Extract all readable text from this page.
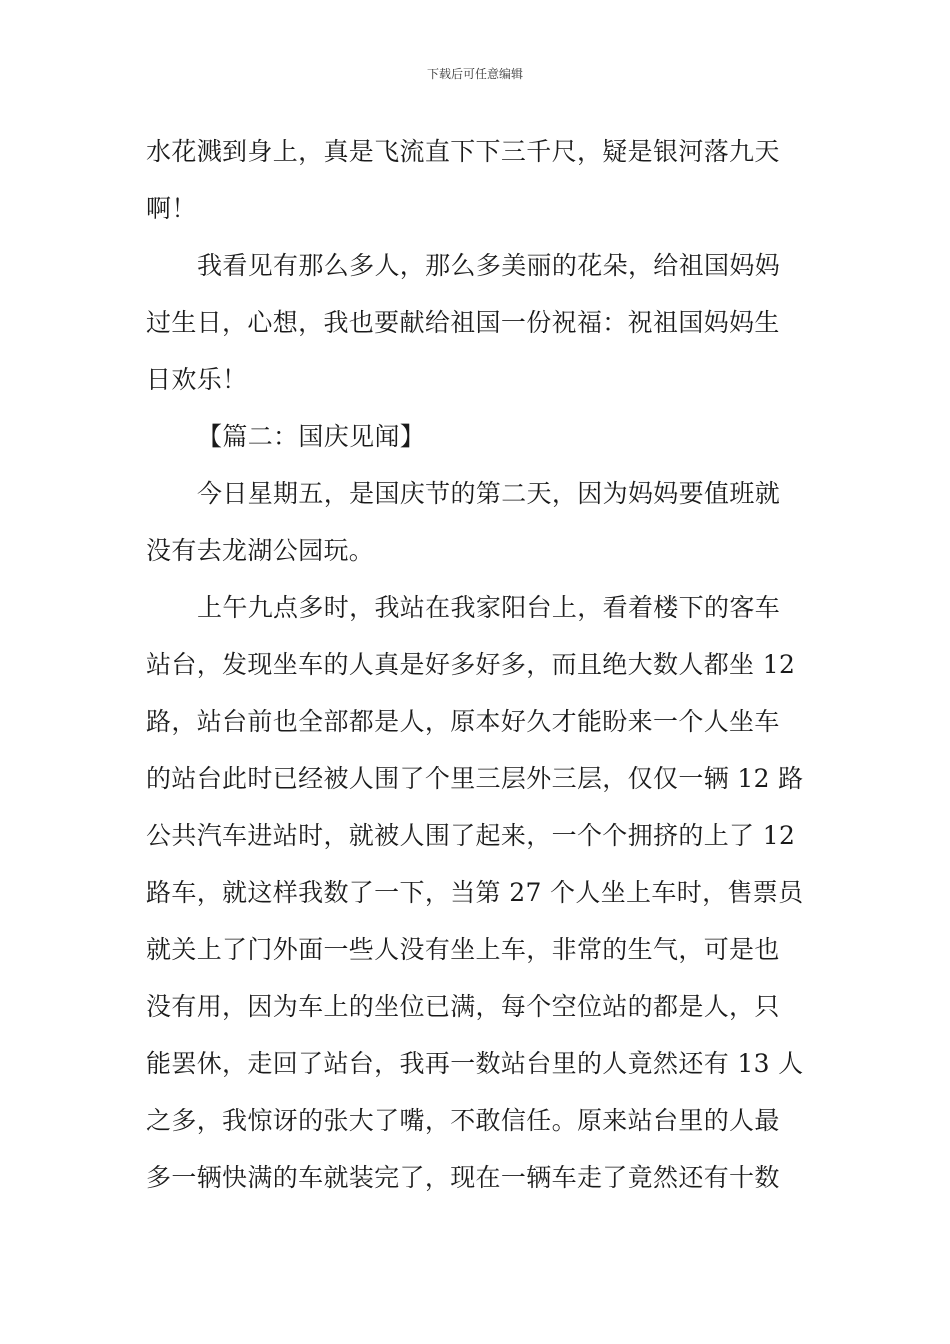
下载后可任意编辑
水花溅到身上，真是飞流直下下三千尺，疑是银河落九天
啊！
我看见有那么多人，那么多美丽的花朵，给祖国妈妈
过生日，心想，我也要献给祖国一份祝福：祝祖国妈妈生
日欢乐！
【篇二：国庆见闻】
今日星期五，是国庆节的第二天，因为妈妈要值班就
没有去龙湖公园玩。
上午九点多时，我站在我家阳台上，看着楼下的客车
站台，发现坐车的人真是好多好多，而且绝大数人都坐 12
路，站台前也全部都是人，原本好久才能盼来一个人坐车
的站台此时已经被人围了个里三层外三层，仅仅一辆 12 路
公共汽车进站时，就被人围了起来，一个个拥挤的上了 12
路车，就这样我数了一下，当第 27 个人坐上车时，售票员
就关上了门外面一些人没有坐上车，非常的生气，可是也
没有用，因为车上的坐位已满，每个空位站的都是人，只
能罢休，走回了站台，我再一数站台里的人竟然还有 13 人
之多，我惊讶的张大了嘴，不敢信任。原来站台里的人最
多一辆快满的车就装完了，现在一辆车走了竟然还有十数
